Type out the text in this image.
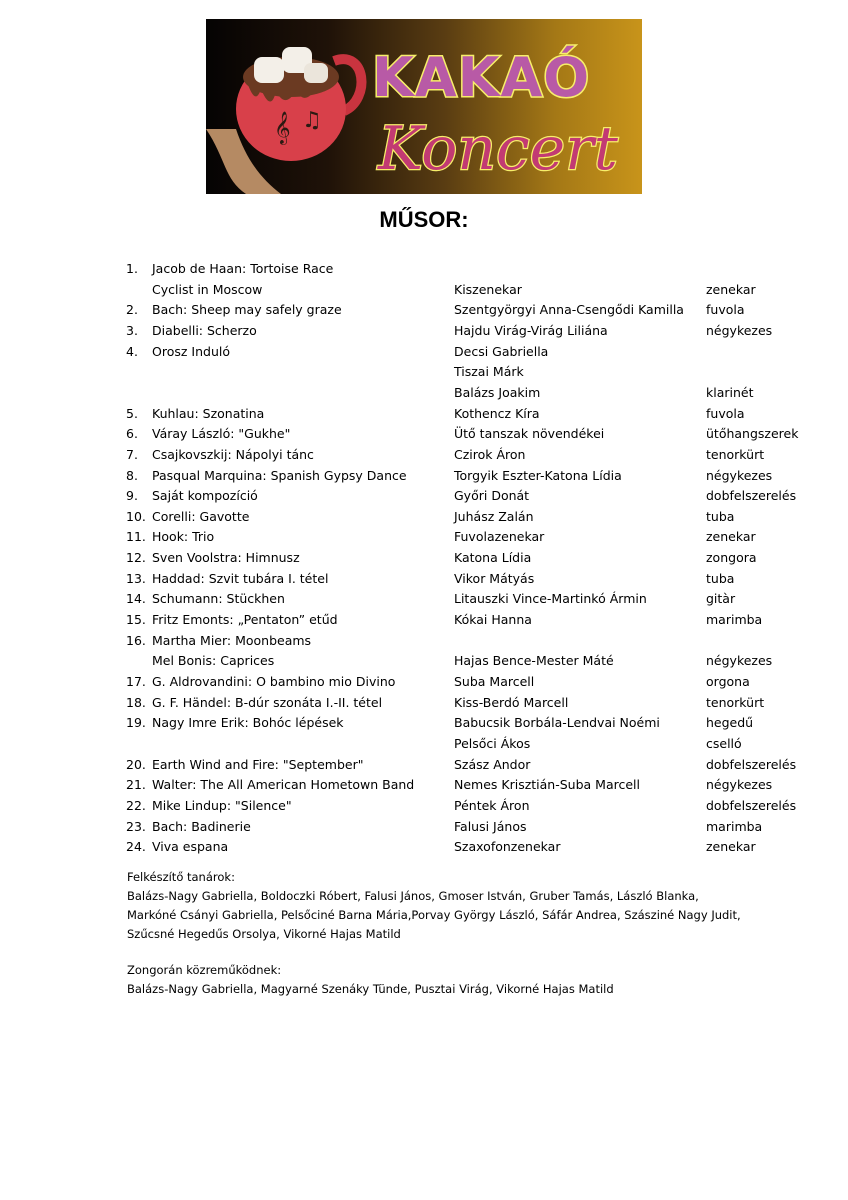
𝄞 ♫
KAKAÓ
Koncert
MŰSOR:
1. Jacob de Haan: Tortoise Race
Cyclist in Moscow	Kiszenekar	zenekar
2. Bach: Sheep may safely graze	Szentgyörgyi Anna-Csengődi Kamilla fuvola
3. Diabelli: Scherzo	Hajdu Virág-Virág Liliána	négykezes
4. Orosz Induló	Decsi Gabriella
Tiszai Márk
Balázs Joakim	klarinét
5. Kuhlau: Szonatina	Kothencz Kíra	fuvola
6. Váray László: "Gukhe"	Ütő tanszak növendékei	ütőhangszerek
7. Csajkovszkij: Nápolyi tánc	Czirok Áron	tenorkürt
8. Pasqual Marquina: Spanish Gypsy Dance	Torgyik Eszter-Katona Lídia	négykezes
9. Saját kompozíció	Győri Donát	dobfelszerelés
10. Corelli: Gavotte	Juhász Zalán	tuba
11. Hook: Trio	Fuvolazenekar	zenekar
12. Sven Voolstra: Himnusz	Katona Lídia	zongora
13. Haddad: Szvit tubára I. tétel	Vikor Mátyás	tuba
14. Schumann: Stückhen	Litauszki Vince-Martinkó Ármin	gitàr
15. Fritz Emonts: „Pentaton” etűd	Kókai Hanna	marimba
16. Martha Mier: Moonbeams
Mel Bonis: Caprices	Hajas Bence-Mester Máté	négykezes
17. G. Aldrovandini: O bambino mio Divino	Suba Marcell	orgona
18. G. F. Händel: B-dúr szonáta I.-II. tétel	Kiss-Berdó Marcell	tenorkürt
19. Nagy Imre Erik: Bohóc lépések	Babucsik Borbála-Lendvai Noémi	hegedű
Pelsőci Ákos	cselló
20. Earth Wind and Fire: "September"	Szász Andor	dobfelszerelés
21. Walter: The All American Hometown Band	Nemes Krisztián-Suba Marcell	négykezes
22. Mike Lindup: "Silence"	Péntek Áron	dobfelszerelés
23. Bach: Badinerie	Falusi János	marimba
24. Viva espana	Szaxofonzenekar	zenekar
Felkészítő tanárok:
Balázs-Nagy Gabriella, Boldoczki Róbert, Falusi János, Gmoser István, Gruber Tamás, László Blanka,
Markóné Csányi Gabriella, Pelsőciné Barna Mária,Porvay György László, Sáfár Andrea, Szásziné Nagy Judit,
Szűcsné Hegedűs Orsolya, Vikorné Hajas Matild
Zongorán közreműködnek:
Balázs-Nagy Gabriella, Magyarné Szenáky Tünde, Pusztai Virág, Vikorné Hajas Matild
